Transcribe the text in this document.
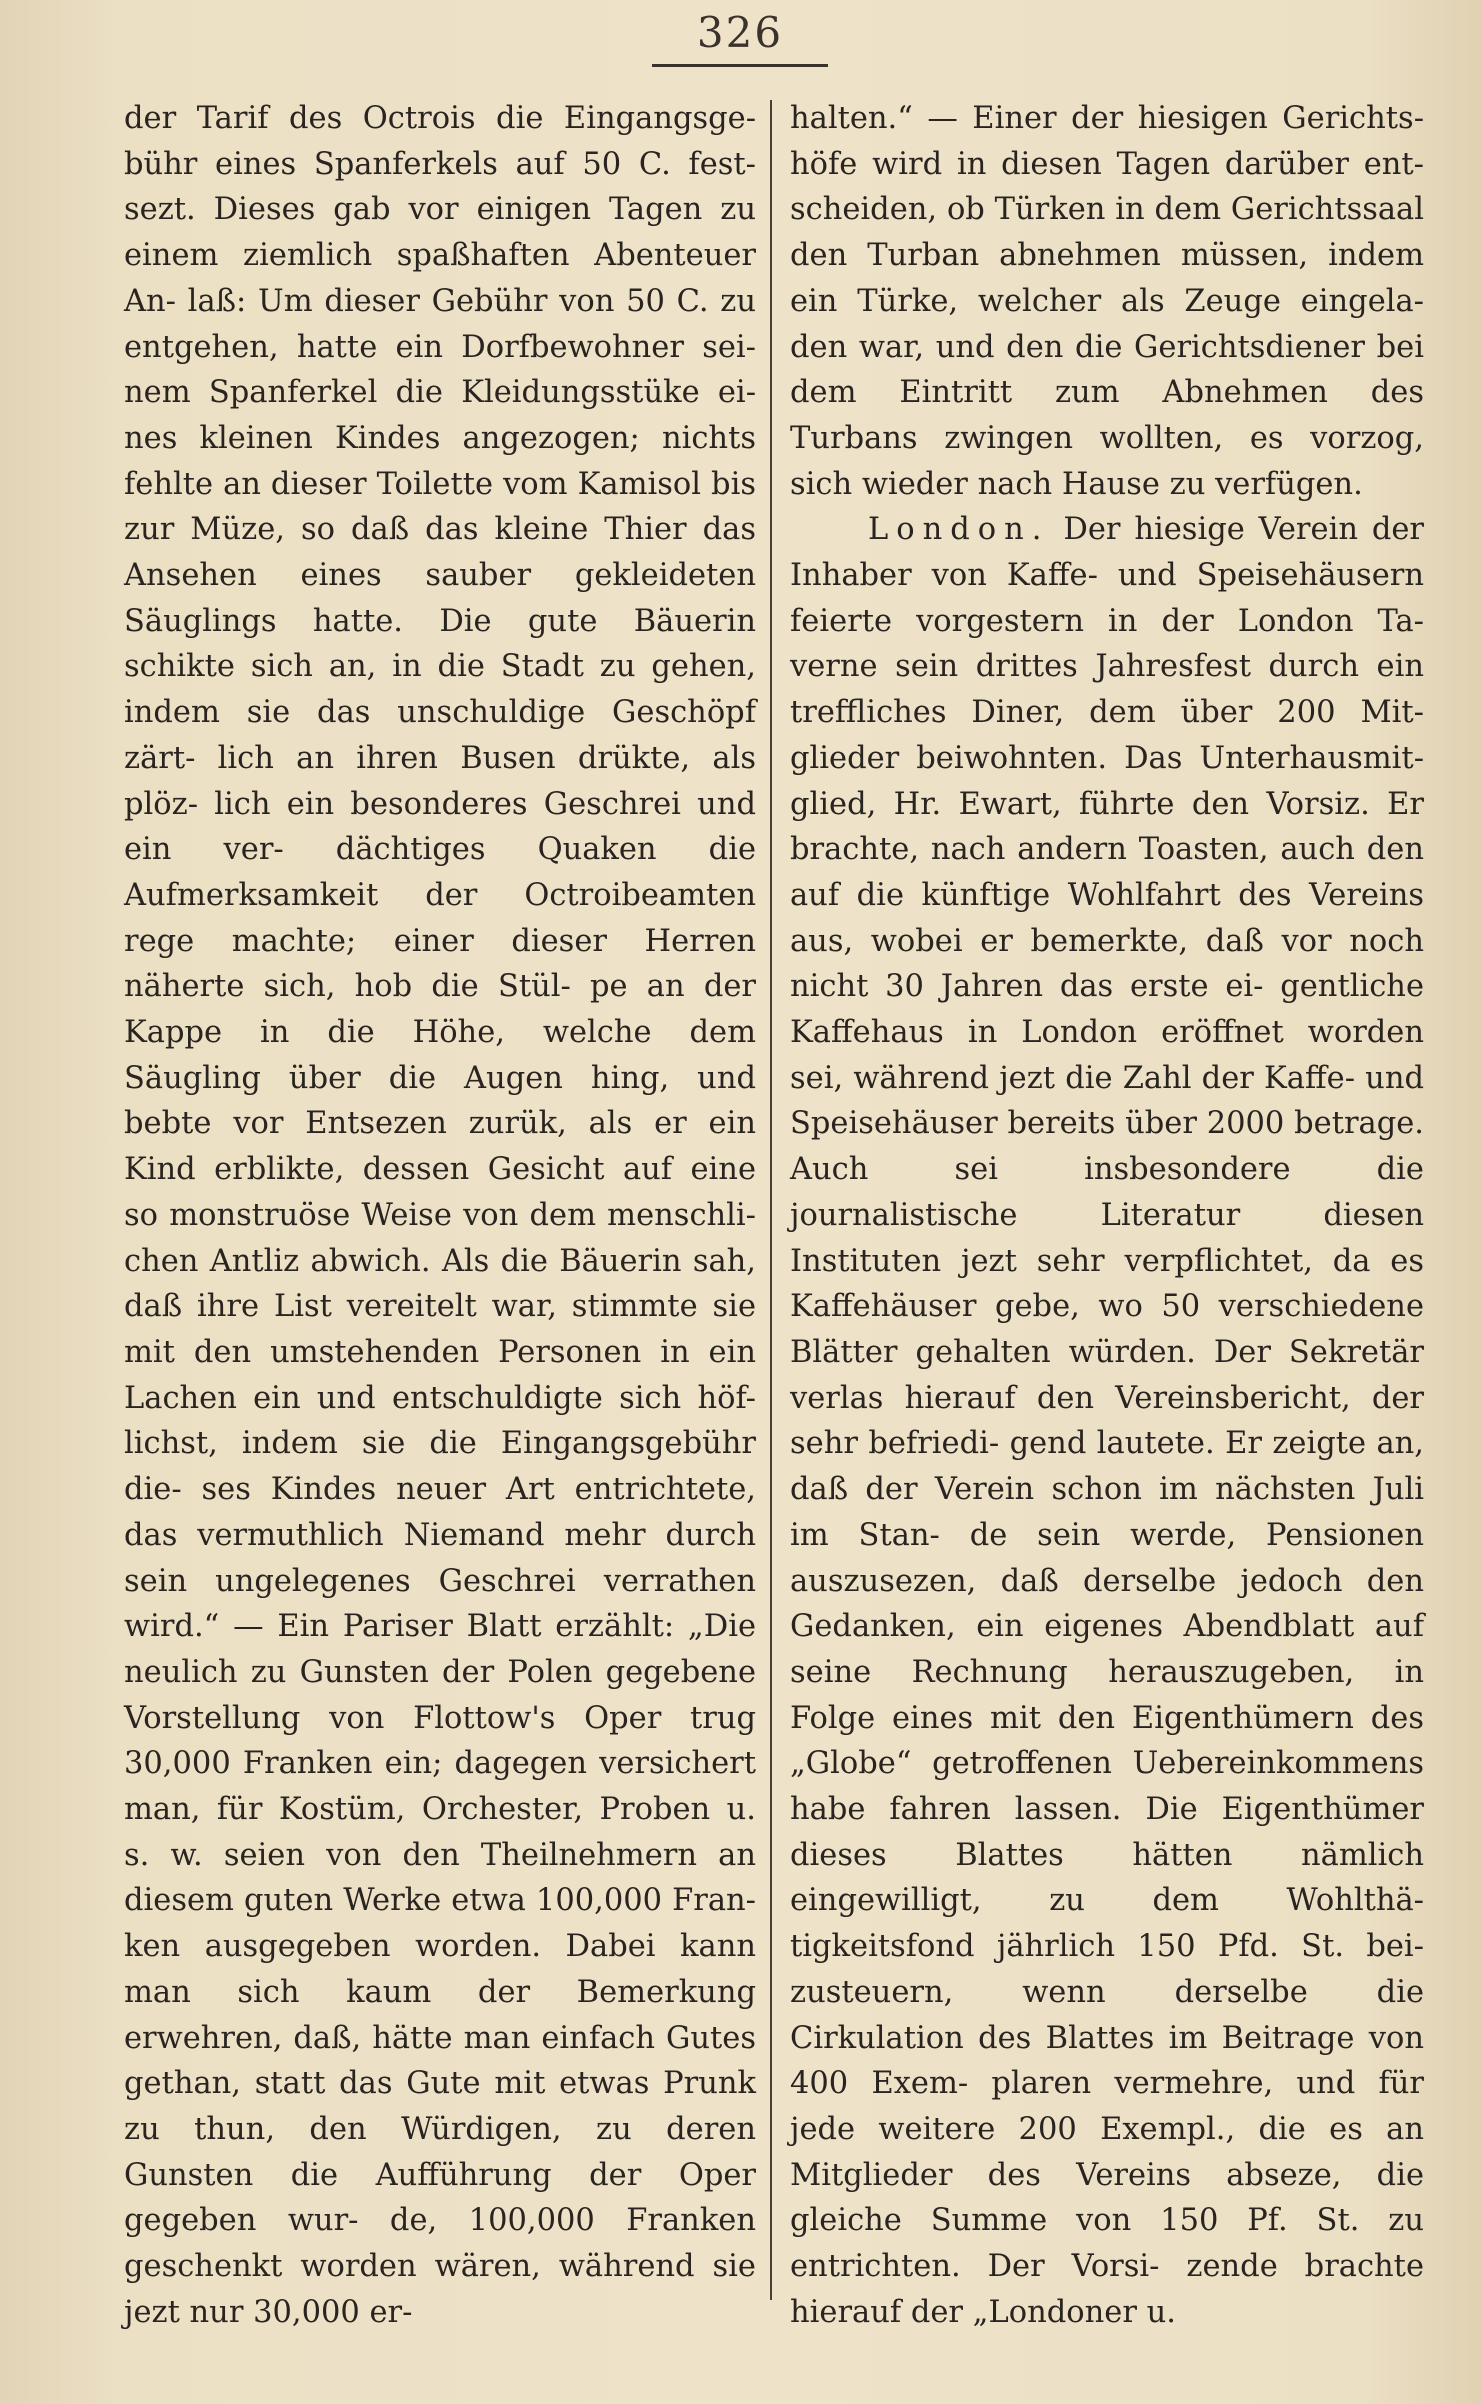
326

der Tarif des Octrois die Eingangsge- bühr eines Spanferkels auf 50 C. fest- sezt. Dieses gab vor einigen Tagen zu einem ziemlich spaßhaften Abenteuer An- laß: Um dieser Gebühr von 50 C. zu entgehen, hatte ein Dorfbewohner sei- nem Spanferkel die Kleidungsstüke ei- nes kleinen Kindes angezogen; nichts fehlte an dieser Toilette vom Kamisol bis zur Müze, so daß das kleine Thier das Ansehen eines sauber gekleideten Säuglings hatte. Die gute Bäuerin schikte sich an, in die Stadt zu gehen, indem sie das unschuldige Geschöpf zärt- lich an ihren Busen drükte, als plöz- lich ein besonderes Geschrei und ein ver- dächtiges Quaken die Aufmerksamkeit der Octroibeamten rege machte; einer dieser Herren näherte sich, hob die Stül- pe an der Kappe in die Höhe, welche dem Säugling über die Augen hing, und bebte vor Entsezen zurük, als er ein Kind erblikte, dessen Gesicht auf eine so monstruöse Weise von dem menschli- chen Antliz abwich. Als die Bäuerin sah, daß ihre List vereitelt war, stimmte sie mit den umstehenden Personen in ein Lachen ein und entschuldigte sich höf- lichst, indem sie die Eingangsgebühr die- ses Kindes neuer Art entrichtete, das vermuthlich Niemand mehr durch sein ungelegenes Geschrei verrathen wird.“ — Ein Pariser Blatt erzählt: „Die neulich zu Gunsten der Polen gegebene Vorstellung von Flottow's Oper trug 30,000 Franken ein; dagegen versichert man, für Kostüm, Orchester, Proben u. s. w. seien von den Theilnehmern an diesem guten Werke etwa 100,000 Fran- ken ausgegeben worden. Dabei kann man sich kaum der Bemerkung erwehren, daß, hätte man einfach Gutes gethan, statt das Gute mit etwas Prunk zu thun, den Würdigen, zu deren Gunsten die Aufführung der Oper gegeben wur- de, 100,000 Franken geschenkt worden wären, während sie jezt nur 30,000 er-

halten.“ — Einer der hiesigen Gerichts- höfe wird in diesen Tagen darüber ent- scheiden, ob Türken in dem Gerichtssaal den Turban abnehmen müssen, indem ein Türke, welcher als Zeuge eingela- den war, und den die Gerichtsdiener bei dem Eintritt zum Abnehmen des Turbans zwingen wollten, es vorzog, sich wieder nach Hause zu verfügen.

London. Der hiesige Verein der Inhaber von Kaffe- und Speisehäusern feierte vorgestern in der London Ta- verne sein drittes Jahresfest durch ein treffliches Diner, dem über 200 Mit- glieder beiwohnten. Das Unterhausmit- glied, Hr. Ewart, führte den Vorsiz. Er brachte, nach andern Toasten, auch den auf die künftige Wohlfahrt des Vereins aus, wobei er bemerkte, daß vor noch nicht 30 Jahren das erste ei- gentliche Kaffehaus in London eröffnet worden sei, während jezt die Zahl der Kaffe- und Speisehäuser bereits über 2000 betrage. Auch sei insbesondere die journalistische Literatur diesen Instituten jezt sehr verpflichtet, da es Kaffehäuser gebe, wo 50 verschiedene Blätter gehalten würden. Der Sekretär verlas hierauf den Vereinsbericht, der sehr befriedi- gend lautete. Er zeigte an, daß der Verein schon im nächsten Juli im Stan- de sein werde, Pensionen auszusezen, daß derselbe jedoch den Gedanken, ein eigenes Abendblatt auf seine Rechnung herauszugeben, in Folge eines mit den Eigenthümern des „Globe“ getroffenen Uebereinkommens habe fahren lassen. Die Eigenthümer dieses Blattes hätten nämlich eingewilligt, zu dem Wohlthä- tigkeitsfond jährlich 150 Pfd. St. bei- zusteuern, wenn derselbe die Cirkulation des Blattes im Beitrage von 400 Exem- plaren vermehre, und für jede weitere 200 Exempl., die es an Mitglieder des Vereins abseze, die gleiche Summe von 150 Pf. St. zu entrichten. Der Vorsi- zende brachte hierauf der „Londoner u.
